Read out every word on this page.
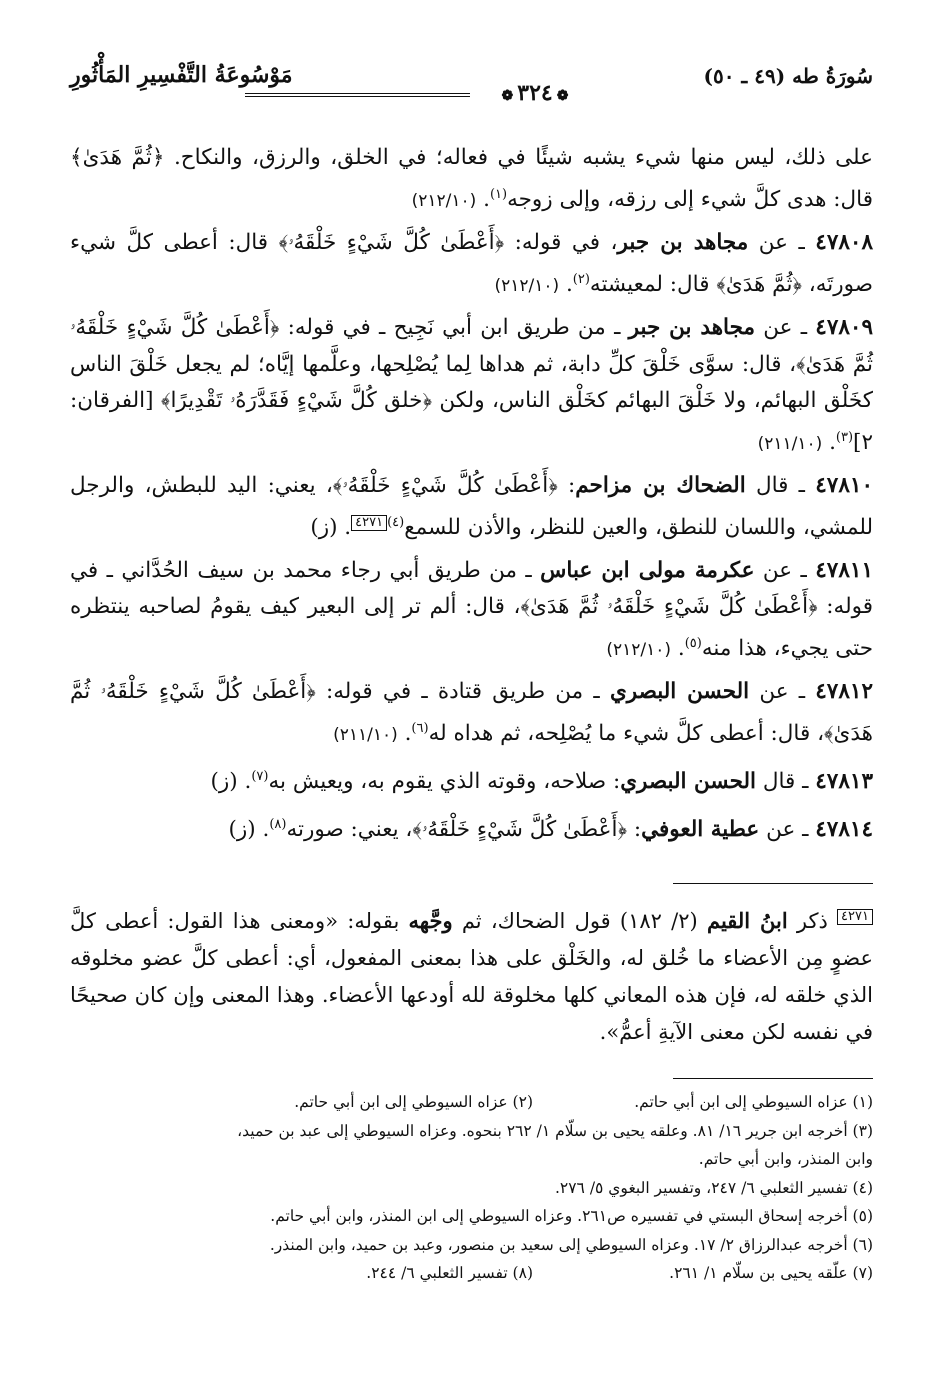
سُورَةُ طه (٤٩ ـ ٥٠)
❁٣٢٤❁
مَوْسُوعَةُ التَّفْسِيرِ المَأْثُورِ

على ذلك، ليس منها شيء يشبه شيئًا في فعاله؛ في الخلق، والرزق، والنكاح. ﴿ثُمَّ هَدَىٰ﴾ قال: هدى كلَّ شيء إلى رزقه، وإلى زوجه$^{(١)}$. (٢١٢/١٠)

٤٧٨٠٨ ـ عن مجاهد بن جبر، في قوله: ﴿أَعْطَىٰ كُلَّ شَيْءٍ خَلْقَهُۥ﴾ قال: أعطى كلَّ شيء صورتَه، ﴿ثُمَّ هَدَىٰ﴾ قال: لمعيشته$^{(٢)}$. (٢١٢/١٠)

٤٧٨٠٩ ـ عن مجاهد بن جبر ـ من طريق ابن أبي نَجِيح ـ في قوله: ﴿أَعْطَىٰ كُلَّ شَيْءٍ خَلْقَهُۥ ثُمَّ هَدَىٰ﴾، قال: سوَّى خَلْقَ كلِّ دابة، ثم هداها لِما يُصْلِحها، وعلَّمها إيَّاه؛ لم يجعل خَلْقَ الناس كخَلْق البهائم، ولا خَلْقَ البهائم كخَلْق الناس، ولكن ﴿خلق كُلَّ شَيْءٍ فَقَدَّرَهُۥ تَقْدِيرًا﴾ [الفرقان: ٢]$^{(٣)}$. (٢١١/١٠)

٤٧٨١٠ ـ قال الضحاك بن مزاحم: ﴿أَعْطَىٰ كُلَّ شَيْءٍ خَلْقَهُۥ﴾، يعني: اليد للبطش، والرجل للمشي، واللسان للنطق، والعين للنظر، والأذن للسمع$^{(٤)}$٤٢٧١. (ز)

٤٧٨١١ ـ عن عكرمة مولى ابن عباس ـ من طريق أبي رجاء محمد بن سيف الحُدَّاني ـ في قوله: ﴿أَعْطَىٰ كُلَّ شَيْءٍ خَلْقَهُۥ ثُمَّ هَدَىٰ﴾، قال: ألم تر إلى البعير كيف يقومُ لصاحبه ينتظره حتى يجيء، هذا منه$^{(٥)}$. (٢١٢/١٠)

٤٧٨١٢ ـ عن الحسن البصري ـ من طريق قتادة ـ في قوله: ﴿أَعْطَىٰ كُلَّ شَيْءٍ خَلْقَهُۥ ثُمَّ هَدَىٰ﴾، قال: أعطى كلَّ شيء ما يُصْلِحه، ثم هداه له$^{(٦)}$. (٢١١/١٠)

٤٧٨١٣ ـ قال الحسن البصري: صلاحه، وقوته الذي يقوم به، ويعيش به$^{(٧)}$. (ز)

٤٧٨١٤ ـ عن عطية العوفي: ﴿أَعْطَىٰ كُلَّ شَيْءٍ خَلْقَهُۥ﴾، يعني: صورته$^{(٨)}$. (ز)

٤٢٧١ ذكر ابنُ القيم (٢/ ١٨٢) قول الضحاك، ثم وجَّهه بقوله: «ومعنى هذا القول: أعطى كلَّ عضوٍ مِن الأعضاء ما خُلق له، والخَلْق على هذا بمعنى المفعول، أي: أعطى كلَّ عضو مخلوقه الذي خلقه له، فإن هذه المعاني كلها مخلوقة لله أودعها الأعضاء. وهذا المعنى وإن كان صحيحًا في نفسه لكن معنى الآيةِ أعمُّ».
(١) عزاه السيوطي إلى ابن أبي حاتم.
(٢) عزاه السيوطي إلى ابن أبي حاتم.
(٣) أخرجه ابن جرير ١٦/ ٨١. وعلقه يحيى بن سلّام ١/ ٢٦٢ بنحوه. وعزاه السيوطي إلى عبد بن حميد،
وابن المنذر، وابن أبي حاتم.
(٤) تفسير الثعلبي ٦/ ٢٤٧، وتفسير البغوي ٥/ ٢٧٦.
(٥) أخرجه إسحاق البستي في تفسيره ص٢٦١. وعزاه السيوطي إلى ابن المنذر، وابن أبي حاتم.
(٦) أخرجه عبدالرزاق ٢/ ١٧. وعزاه السيوطي إلى سعيد بن منصور، وعبد بن حميد، وابن المنذر.
(٧) علّقه يحيى بن سلّام ١/ ٢٦١.
(٨) تفسير الثعلبي ٦/ ٢٤٤.
